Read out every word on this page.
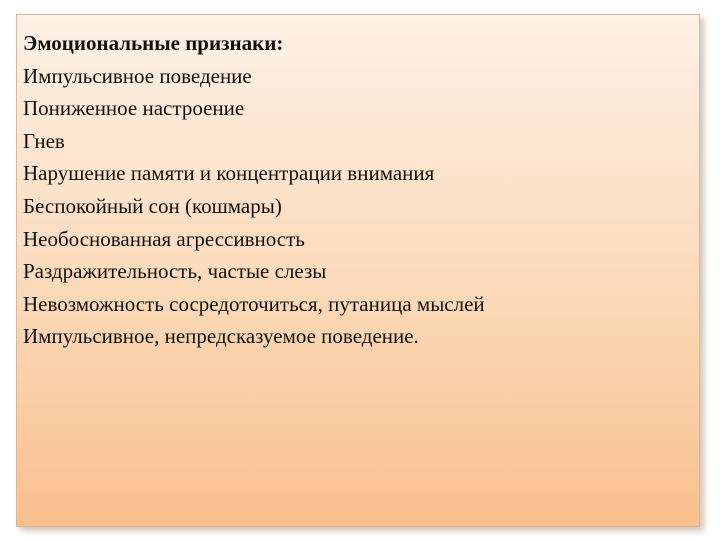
Эмоциональные признаки:

Импульсивное поведение
Пониженное настроение
Гнев
Нарушение памяти и концентрации внимания
Беспокойный сон (кошмары)
Необоснованная агрессивность
Раздражительность, частые слезы
Невозможность сосредоточиться, путаница мыслей
Импульсивное, непредсказуемое поведение.
